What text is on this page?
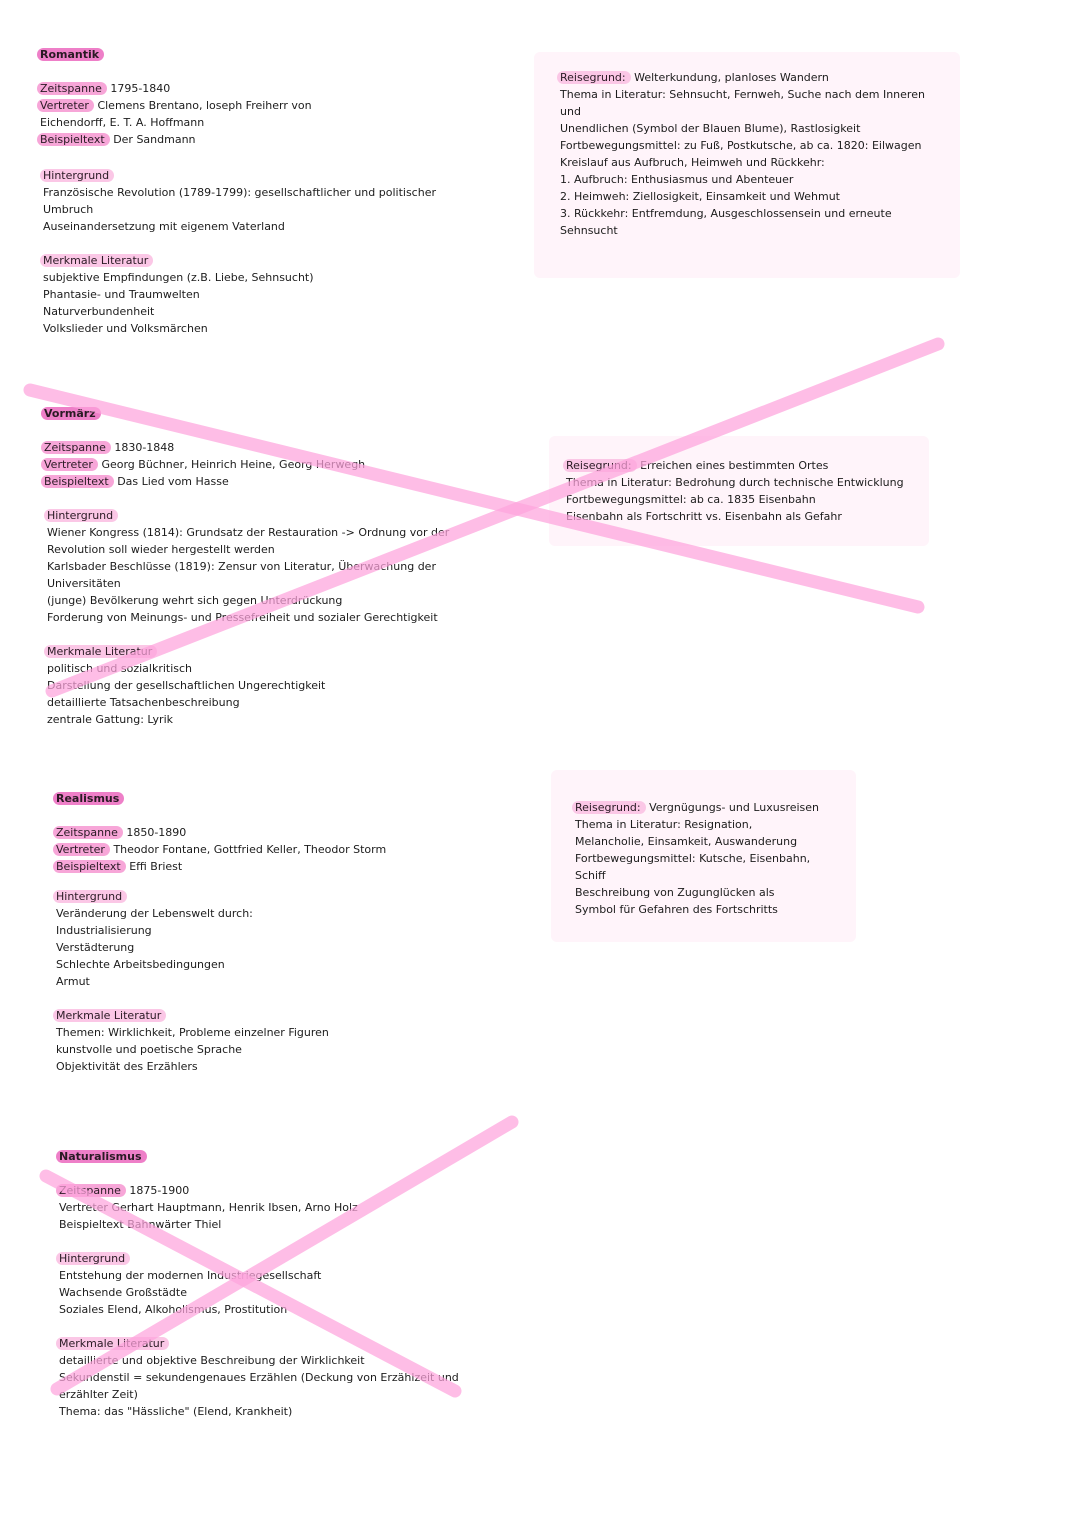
Romantik
Zeitspanne 1795-1840
Vertreter Clemens Brentano, loseph Freiherr von
Eichendorff, E. T. A. Hoffmann
Beispieltext Der Sandmann
Hintergrund
Französische Revolution (1789-1799): gesellschaftlicher und politischer
Umbruch
Auseinandersetzung mit eigenem Vaterland
Merkmale Literatur
subjektive Empfindungen (z.B. Liebe, Sehnsucht)
Phantasie- und Traumwelten
Naturverbundenheit
Volkslieder und Volksmärchen
Reisegrund: Welterkundung, planloses Wandern
Thema in Literatur: Sehnsucht, Fernweh, Suche nach dem Inneren
und
Unendlichen (Symbol der Blauen Blume), Rastlosigkeit
Fortbewegungsmittel: zu Fuß, Postkutsche, ab ca. 1820: Eilwagen
Kreislauf aus Aufbruch, Heimweh und Rückkehr:
1. Aufbruch: Enthusiasmus und Abenteuer
2. Heimweh: Ziellosigkeit, Einsamkeit und Wehmut
3. Rückkehr: Entfremdung, Ausgeschlossensein und erneute
Sehnsucht
Vormärz
Zeitspanne 1830-1848
Vertreter Georg Büchner, Heinrich Heine, Georg Herwegh
Beispieltext Das Lied vom Hasse
Hintergrund
Wiener Kongress (1814): Grundsatz der Restauration -> Ordnung vor der
Revolution soll wieder hergestellt werden
Karlsbader Beschlüsse (1819): Zensur von Literatur, Überwachung der
Universitäten
(junge) Bevölkerung wehrt sich gegen Unterdrückung
Forderung von Meinungs- und Pressefreiheit und sozialer Gerechtigkeit
Merkmale Literatur
politisch und sozialkritisch
Darstellung der gesellschaftlichen Ungerechtigkeit
detaillierte Tatsachenbeschreibung
zentrale Gattung: Lyrik
Reisegrund: Erreichen eines bestimmten Ortes
Thema in Literatur: Bedrohung durch technische Entwicklung
Fortbewegungsmittel: ab ca. 1835 Eisenbahn
Eisenbahn als Fortschritt vs. Eisenbahn als Gefahr
Realismus
Zeitspanne 1850-1890
Vertreter Theodor Fontane, Gottfried Keller, Theodor Storm
Beispieltext Effi Briest
Hintergrund
Veränderung der Lebenswelt durch:
Industrialisierung
Verstädterung
Schlechte Arbeitsbedingungen
Armut
Merkmale Literatur
Themen: Wirklichkeit, Probleme einzelner Figuren
kunstvolle und poetische Sprache
Objektivität des Erzählers
Reisegrund: Vergnügungs- und Luxusreisen
Thema in Literatur: Resignation,
Melancholie, Einsamkeit, Auswanderung
Fortbewegungsmittel: Kutsche, Eisenbahn,
Schiff
Beschreibung von Zugunglücken als
Symbol für Gefahren des Fortschritts
Naturalismus
Zeitspanne 1875-1900
Vertreter Gerhart Hauptmann, Henrik Ibsen, Arno Holz
Beispieltext Bahnwärter Thiel
Hintergrund
Entstehung der modernen Industriegesellschaft
Wachsende Großstädte
Soziales Elend, Alkoholismus, Prostitution
Merkmale Literatur
detaillierte und objektive Beschreibung der Wirklichkeit
Sekundenstil = sekundengenaues Erzählen (Deckung von Erzählzeit und
erzählter Zeit)
Thema: das "Hässliche" (Elend, Krankheit)
